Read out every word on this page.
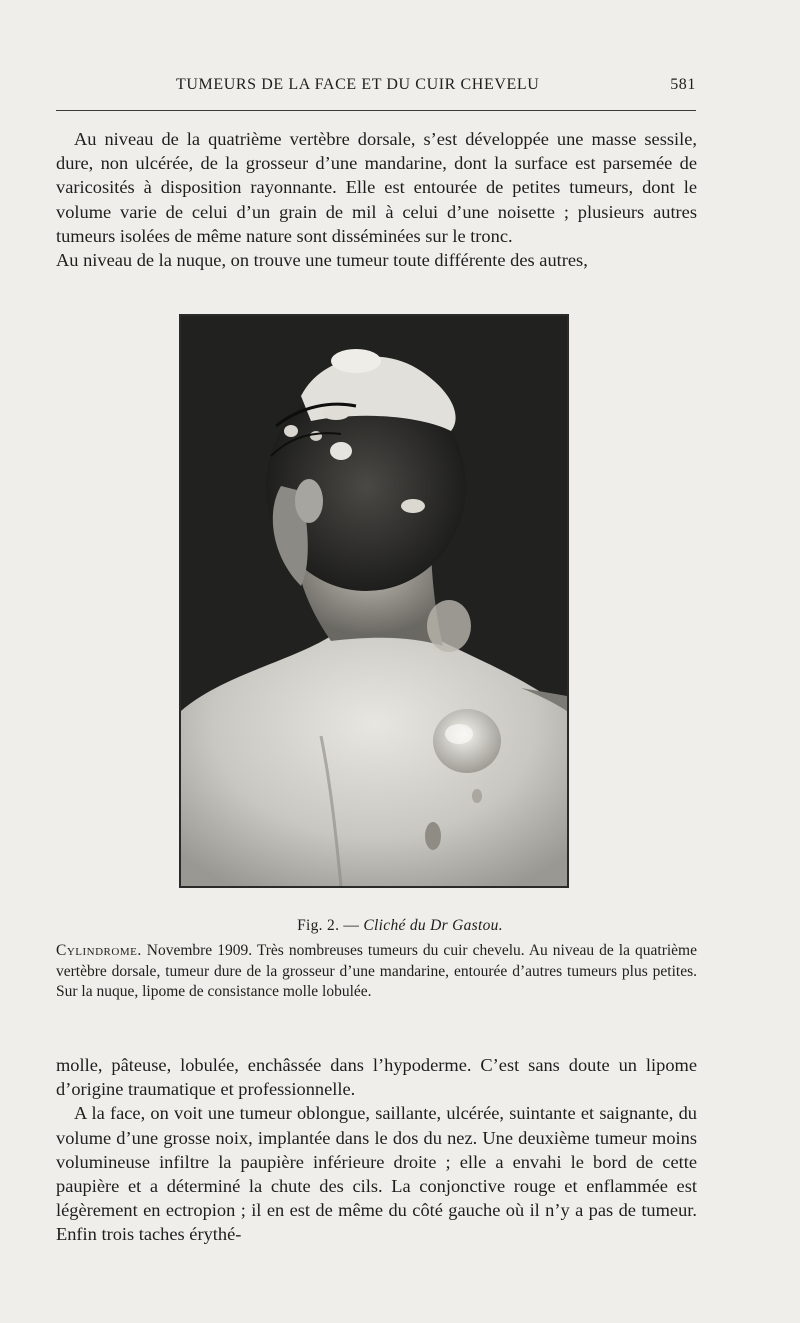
TUMEURS DE LA FACE ET DU CUIR CHEVELU	581

Au niveau de la quatrième vertèbre dorsale, s’est développée une masse sessile, dure, non ulcérée, de la grosseur d’une mandarine, dont la surface est parsemée de varicosités à disposition rayonnante. Elle est entourée de petites tumeurs, dont le volume varie de celui d’un grain de mil à celui d’une noisette ; plusieurs autres tumeurs isolées de même nature sont disséminées sur le tronc.

Au niveau de la nuque, on trouve une tumeur toute différente des autres,

Fig. 2. — Cliché du Dr Gastou.
Cylindrome. Novembre 1909. Très nombreuses tumeurs du cuir chevelu. Au niveau de la quatrième vertèbre dorsale, tumeur dure de la grosseur d’une mandarine, entourée d’autres tumeurs plus petites. Sur la nuque, lipome de consistance molle lobulée.

molle, pâteuse, lobulée, enchâssée dans l’hypoderme. C’est sans doute un lipome d’origine traumatique et professionnelle.

A la face, on voit une tumeur oblongue, saillante, ulcérée, suintante et saignante, du volume d’une grosse noix, implantée dans le dos du nez. Une deuxième tumeur moins volumineuse infiltre la paupière inférieure droite ; elle a envahi le bord de cette paupière et a déterminé la chute des cils. La conjonctive rouge et enflammée est légèrement en ectropion ; il en est de même du côté gauche où il n’y a pas de tumeur. Enfin trois taches érythé-
